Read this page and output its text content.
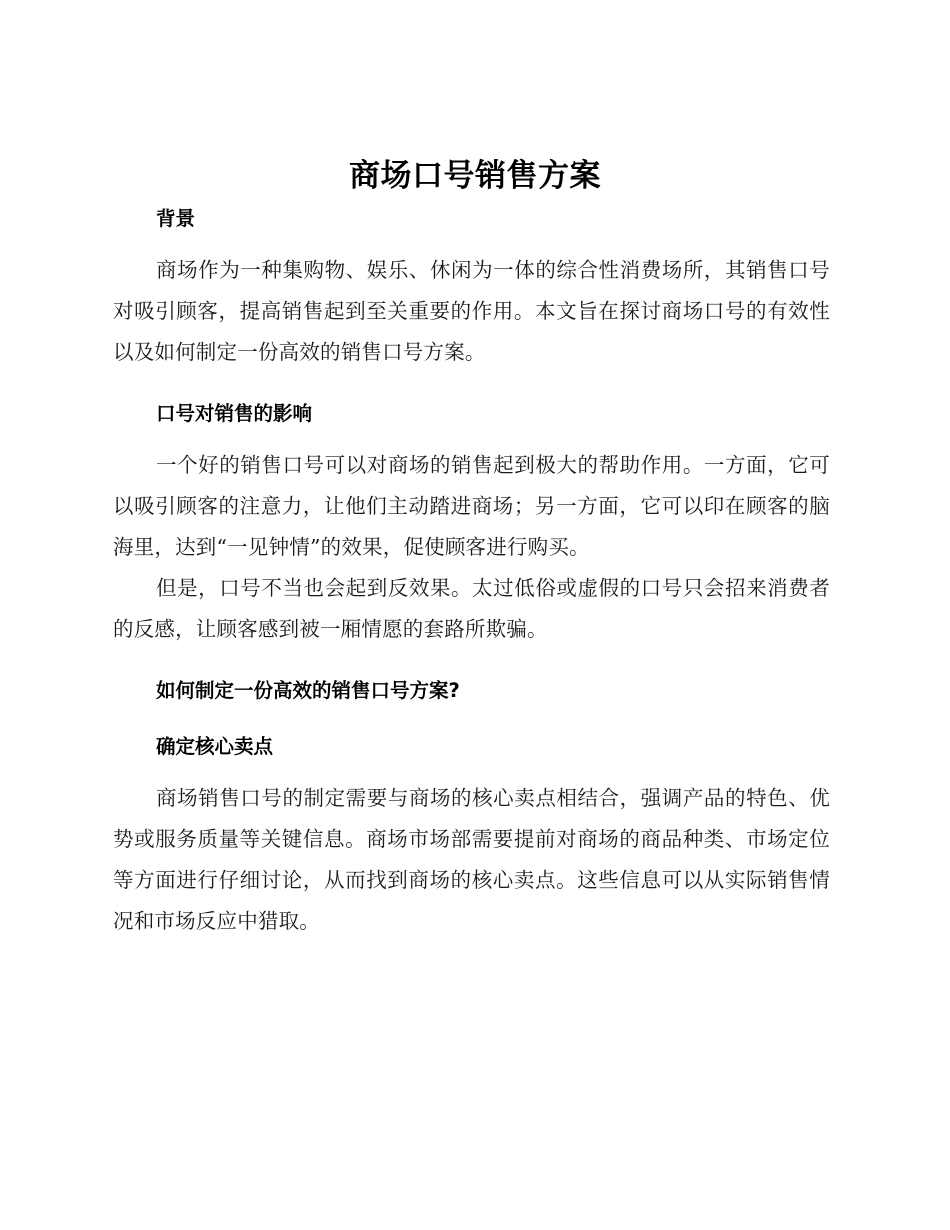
商场口号销售方案

背景

商场作为一种集购物、娱乐、休闲为一体的综合性消费场所，其销售口号对吸引顾客，提高销售起到至关重要的作用。本文旨在探讨商场口号的有效性以及如何制定一份高效的销售口号方案。

口号对销售的影响

一个好的销售口号可以对商场的销售起到极大的帮助作用。一方面，它可以吸引顾客的注意力，让他们主动踏进商场；另一方面，它可以印在顾客的脑海里，达到“一见钟情”的效果，促使顾客进行购买。

但是，口号不当也会起到反效果。太过低俗或虚假的口号只会招来消费者的反感，让顾客感到被一厢情愿的套路所欺骗。

如何制定一份高效的销售口号方案?

确定核心卖点

商场销售口号的制定需要与商场的核心卖点相结合，强调产品的特色、优势或服务质量等关键信息。商场市场部需要提前对商场的商品种类、市场定位等方面进行仔细讨论，从而找到商场的核心卖点。这些信息可以从实际销售情况和市场反应中猎取。
